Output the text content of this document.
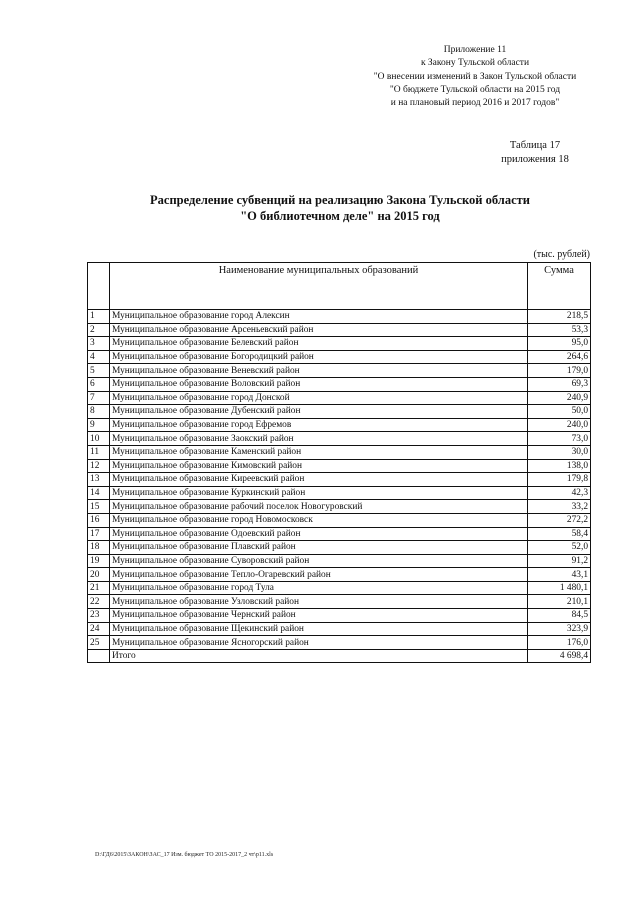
Приложение 11
к Закону Тульской области
"О внесении изменений в Закон Тульской области
"О бюджете Тульской области на 2015 год
и на плановый период 2016 и 2017 годов"
Таблица 17
приложения 18
Распределение субвенций на реализацию Закона Тульской области
"О библиотечном деле" на 2015 год
(тыс. рублей)
	Наименование муниципальных образований	Сумма
1	Муниципальное образование город Алексин	218,5
2	Муниципальное образование Арсеньевский район	53,3
3	Муниципальное образование Белевский район	95,0
4	Муниципальное образование Богородицкий район	264,6
5	Муниципальное образование Веневский район	179,0
6	Муниципальное образование Воловский район	69,3
7	Муниципальное образование город Донской	240,9
8	Муниципальное образование Дубенский район	50,0
9	Муниципальное образование город Ефремов	240,0
10	Муниципальное образование Заокский район	73,0
11	Муниципальное образование Каменский район	30,0
12	Муниципальное образование Кимовский район	138,0
13	Муниципальное образование Киреевский район	179,8
14	Муниципальное образование Куркинский район	42,3
15	Муниципальное образование рабочий поселок Новогуровский	33,2
16	Муниципальное образование город Новомосковск	272,2
17	Муниципальное образование Одоевский район	58,4
18	Муниципальное образование Плавский район	52,0
19	Муниципальное образование Суворовский район	91,2
20	Муниципальное образование Тепло-Огаревский район	43,1
21	Муниципальное образование город Тула	1 480,1
22	Муниципальное образование Узловский район	210,1
23	Муниципальное образование Чернский район	84,5
24	Муниципальное образование Щекинский район	323,9
25	Муниципальное образование Ясногорский район	176,0
	Итого	4 698,4
D:\ГД6\2015\ЗАКОН\ЗАС_17 Изм. бюджет ТО 2015-2017_2 чт\р11.xls
